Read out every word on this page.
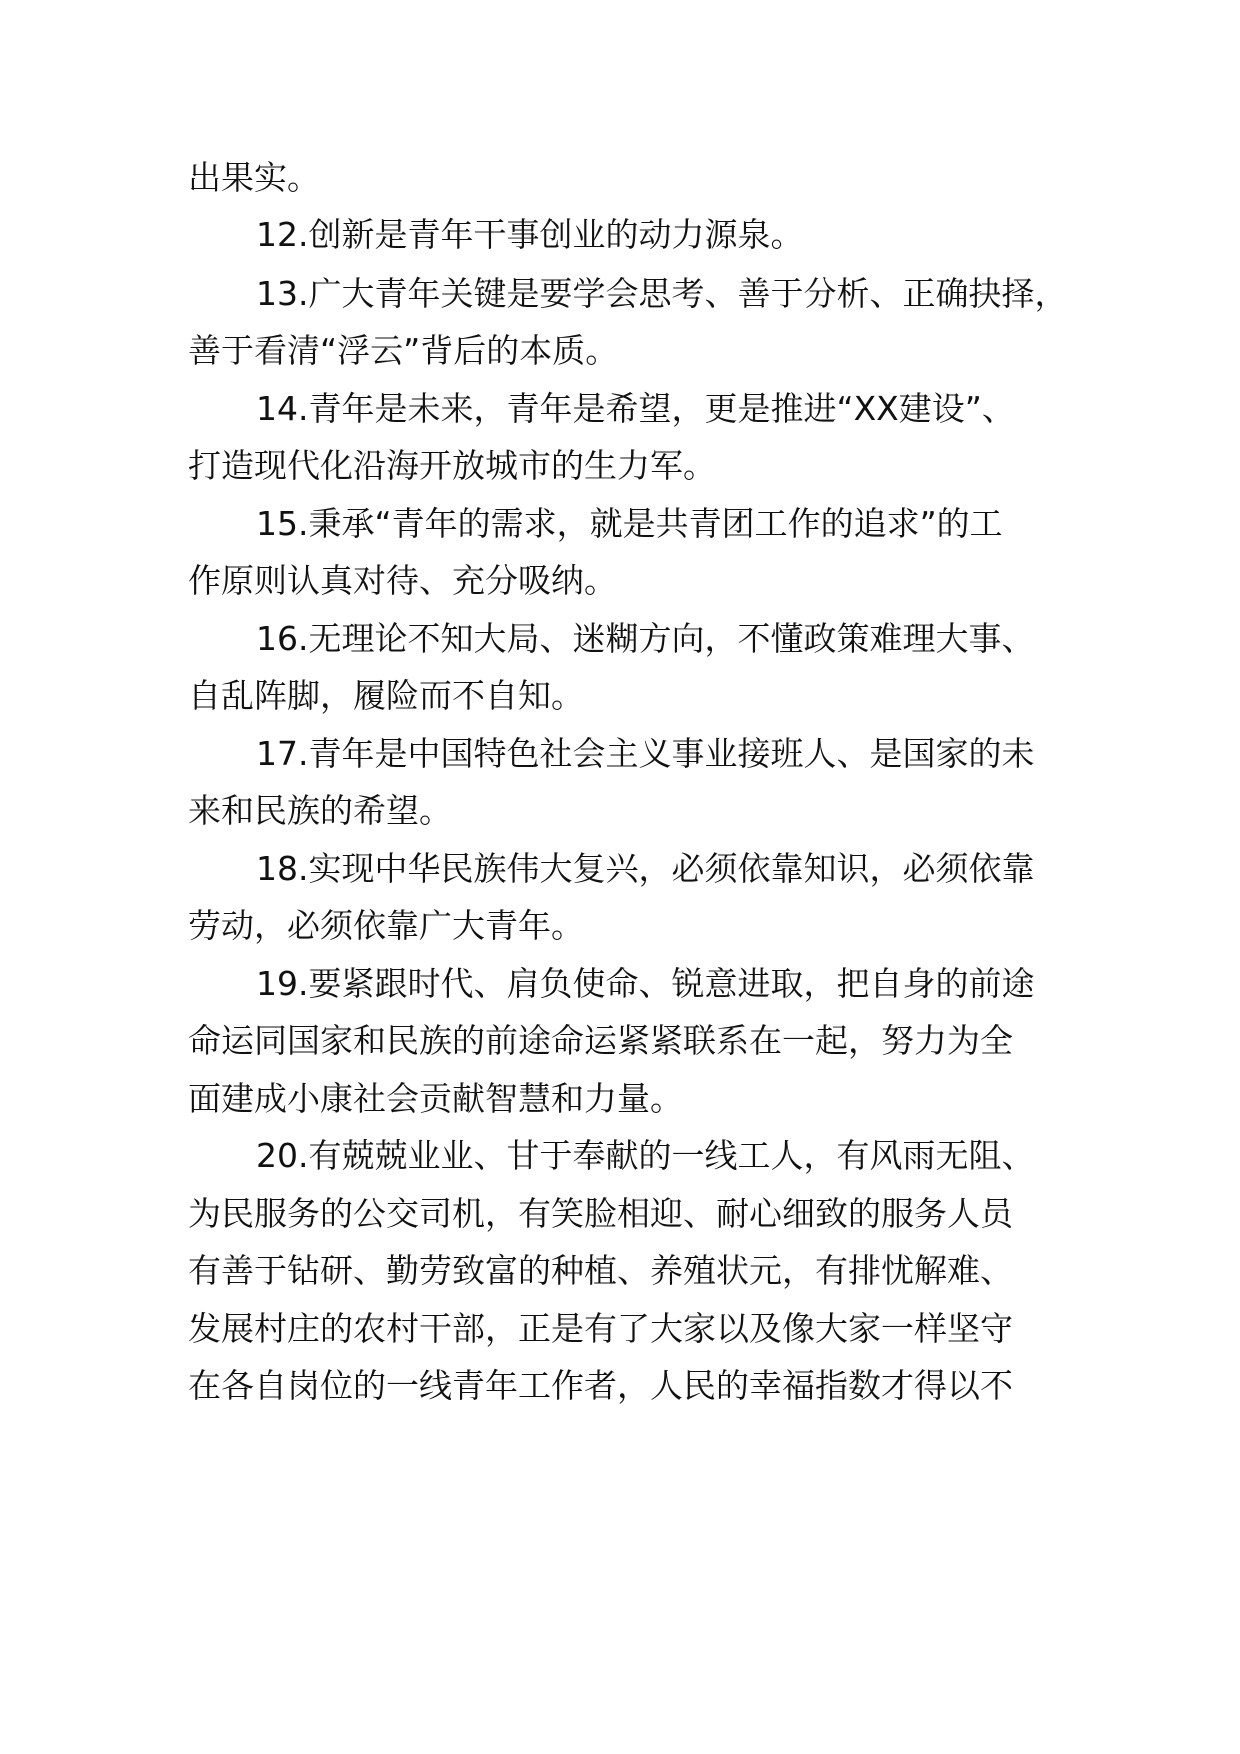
出果实。
12.创新是青年干事创业的动力源泉。
13.广大青年关键是要学会思考、善于分析、正确抉择，
善于看清“浮云”背后的本质。
14.青年是未来，青年是希望，更是推进“XX建设”、
打造现代化沿海开放城市的生力军。
15.秉承“青年的需求，就是共青团工作的追求”的工
作原则认真对待、充分吸纳。
16.无理论不知大局、迷糊方向，不懂政策难理大事、
自乱阵脚，履险而不自知。
17.青年是中国特色社会主义事业接班人、是国家的未
来和民族的希望。
18.实现中华民族伟大复兴，必须依靠知识，必须依靠
劳动，必须依靠广大青年。
19.要紧跟时代、肩负使命、锐意进取，把自身的前途
命运同国家和民族的前途命运紧紧联系在一起，努力为全
面建成小康社会贡献智慧和力量。
20.有兢兢业业、甘于奉献的一线工人，有风雨无阻、
为民服务的公交司机，有笑脸相迎、耐心细致的服务人员
有善于钻研、勤劳致富的种植、养殖状元，有排忧解难、
发展村庄的农村干部，正是有了大家以及像大家一样坚守
在各自岗位的一线青年工作者，人民的幸福指数才得以不
